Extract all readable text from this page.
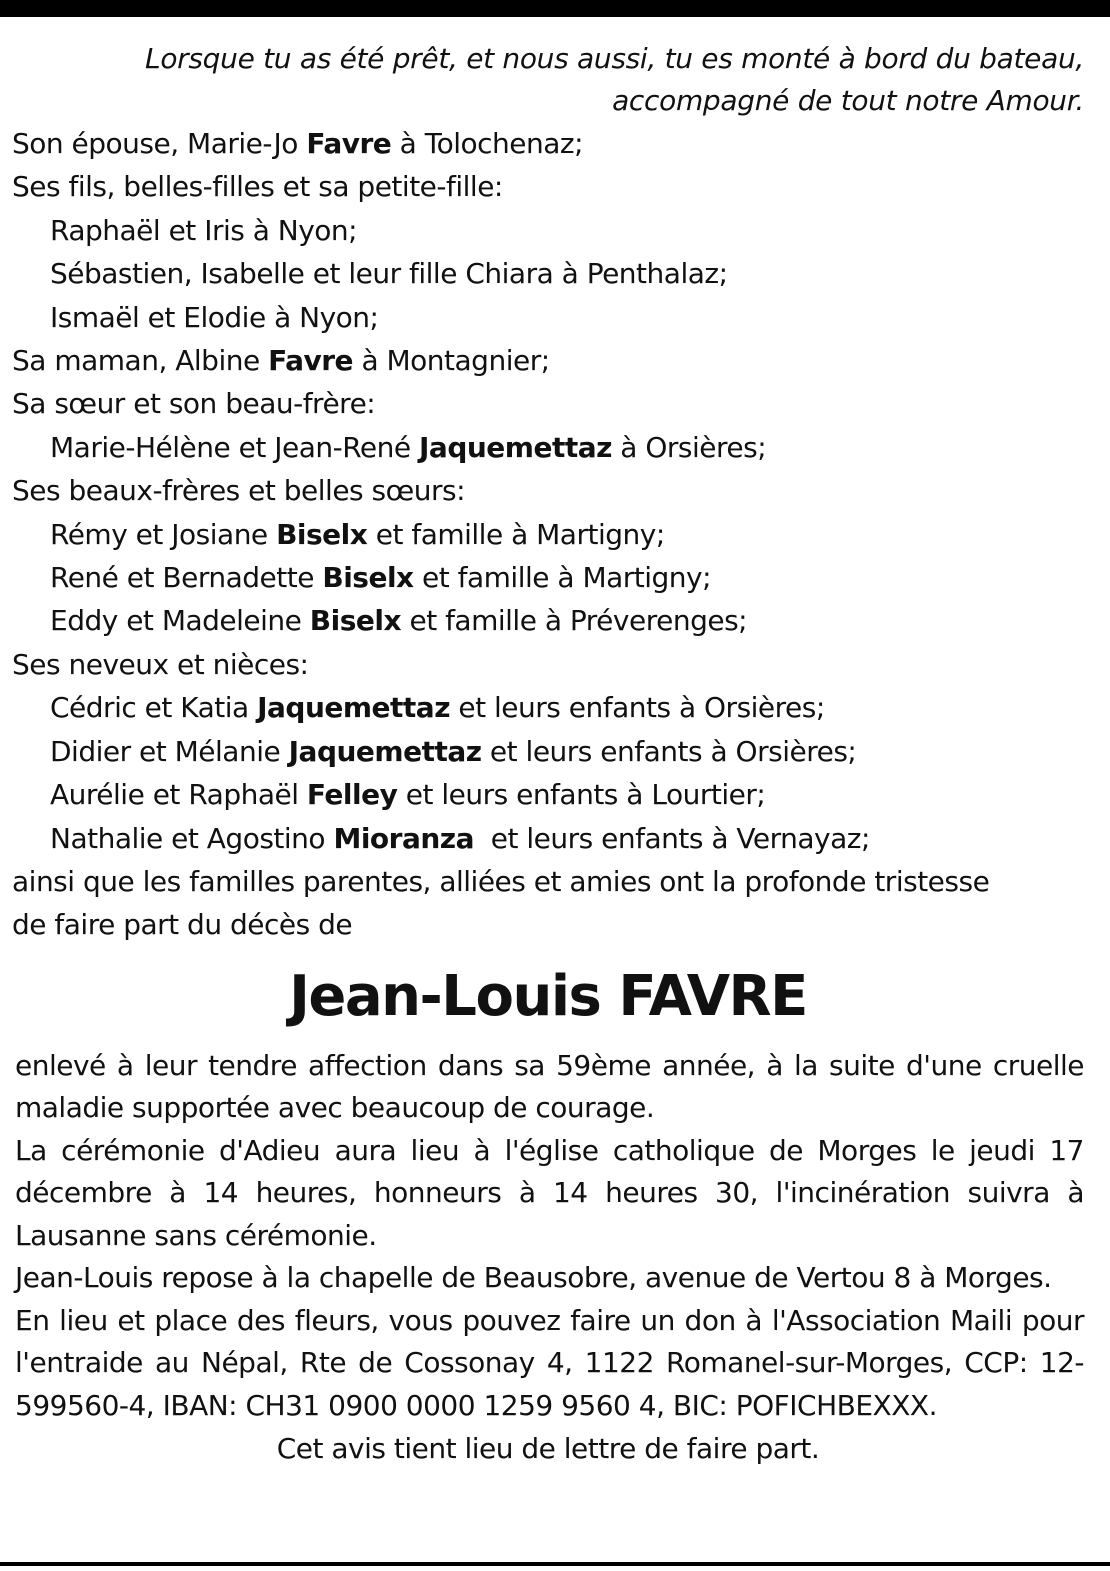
Lorsque tu as été prêt, et nous aussi, tu es monté à bord du bateau,
accompagné de tout notre Amour.
Son épouse, Marie-Jo Favre à Tolochenaz;
Ses fils, belles-filles et sa petite-fille:
Raphaël et Iris à Nyon;
Sébastien, Isabelle et leur fille Chiara à Penthalaz;
Ismaël et Elodie à Nyon;
Sa maman, Albine Favre à Montagnier;
Sa sœur et son beau-frère:
Marie-Hélène et Jean-René Jaquemettaz à Orsières;
Ses beaux-frères et belles sœurs:
Rémy et Josiane Biselx et famille à Martigny;
René et Bernadette Biselx et famille à Martigny;
Eddy et Madeleine Biselx et famille à Préverenges;
Ses neveux et nièces:
Cédric et Katia Jaquemettaz et leurs enfants à Orsières;
Didier et Mélanie Jaquemettaz et leurs enfants à Orsières;
Aurélie et Raphaël Felley et leurs enfants à Lourtier;
Nathalie et Agostino Mioranza  et leurs enfants à Vernayaz;
ainsi que les familles parentes, alliées et amies ont la profonde tristesse
de faire part du décès de
Jean-Louis FAVRE
enlevé à leur tendre affection dans sa 59ème année, à la suite d'une cruelle maladie supportée avec beaucoup de courage.
La cérémonie d'Adieu aura lieu à l'église catholique de Morges le jeudi 17 décembre à 14 heures, honneurs à 14 heures 30, l'incinération suivra à Lausanne sans cérémonie.
Jean-Louis repose à la chapelle de Beausobre, avenue de Vertou 8 à Morges.
En lieu et place des fleurs, vous pouvez faire un don à l'Association Maili pour l'entraide au Népal, Rte de Cossonay 4, 1122 Romanel-sur-Morges, CCP: 12-599560-4, IBAN: CH31 0900 0000 1259 9560 4, BIC: POFICHBEXXX.
Cet avis tient lieu de lettre de faire part.
